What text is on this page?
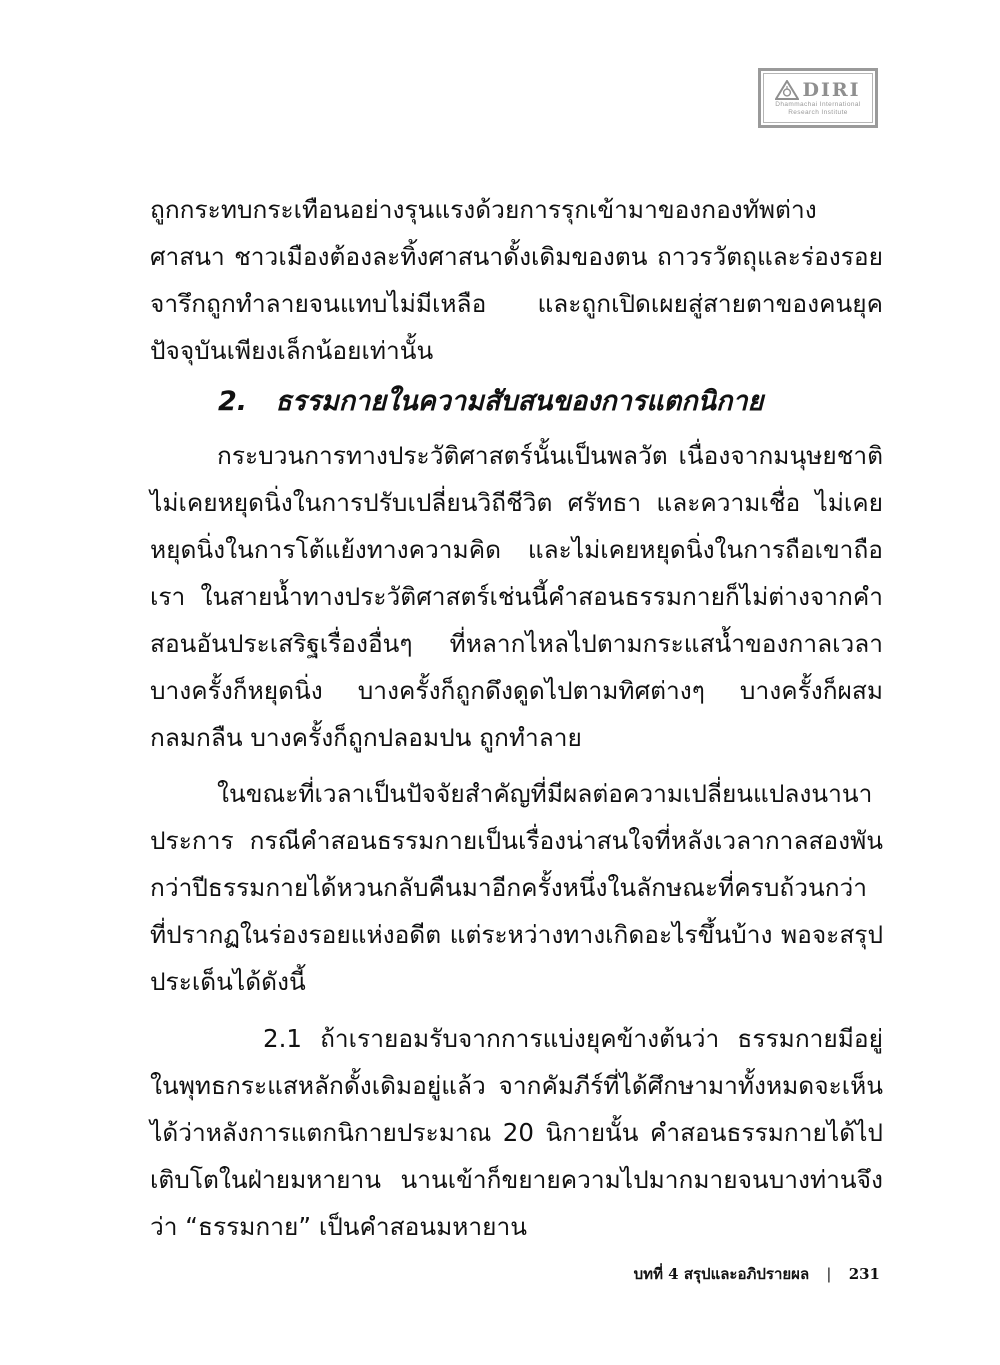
DIRI
Dhammachai International
Research Institute

ถูกกระทบกระเทือนอย่างรุนแรงด้วยการรุกเข้ามาของกองทัพต่างศาสนา ชาวเมืองต้องละทิ้งศาสนาดั้งเดิมของตน ถาวรวัตถุและร่องรอยจารึกถูกทำลายจนแทบไม่มีเหลือ และถูกเปิดเผยสู่สายตาของคนยุคปัจจุบันเพียงเล็กน้อยเท่านั้น

2. ธรรมกายในความสับสนของการแตกนิกาย

กระบวนการทางประวัติศาสตร์นั้นเป็นพลวัต เนื่องจากมนุษยชาติไม่เคยหยุดนิ่งในการปรับเปลี่ยนวิถีชีวิต ศรัทธา และความเชื่อ ไม่เคยหยุดนิ่งในการโต้แย้งทางความคิด และไม่เคยหยุดนิ่งในการถือเขาถือเรา ในสายน้ำทางประวัติศาสตร์เช่นนี้คำสอนธรรมกายก็ไม่ต่างจากคำสอนอันประเสริฐเรื่องอื่นๆ ที่หลากไหลไปตามกระแสน้ำของกาลเวลา บางครั้งก็หยุดนิ่ง บางครั้งก็ถูกดึงดูดไปตามทิศต่างๆ บางครั้งก็ผสมกลมกลืน บางครั้งก็ถูกปลอมปน ถูกทำลาย

ในขณะที่เวลาเป็นปัจจัยสำคัญที่มีผลต่อความเปลี่ยนแปลงนานาประการ กรณีคำสอนธรรมกายเป็นเรื่องน่าสนใจที่หลังเวลากาลสองพันกว่าปีธรรมกายได้หวนกลับคืนมาอีกครั้งหนึ่งในลักษณะที่ครบถ้วนกว่าที่ปรากฏในร่องรอยแห่งอดีต แต่ระหว่างทางเกิดอะไรขึ้นบ้าง พอจะสรุปประเด็นได้ดังนี้

2.1 ถ้าเรายอมรับจากการแบ่งยุคข้างต้นว่า ธรรมกายมีอยู่ในพุทธกระแสหลักดั้งเดิมอยู่แล้ว จากคัมภีร์ที่ได้ศึกษามาทั้งหมดจะเห็นได้ว่าหลังการแตกนิกายประมาณ 20 นิกายนั้น คำสอนธรรมกายได้ไปเติบโตในฝ่ายมหายาน นานเข้าก็ขยายความไปมากมายจนบางท่านจึงว่า “ธรรมกาย” เป็นคำสอนมหายาน

บทที่ 4 สรุปและอภิปรายผล | 231
